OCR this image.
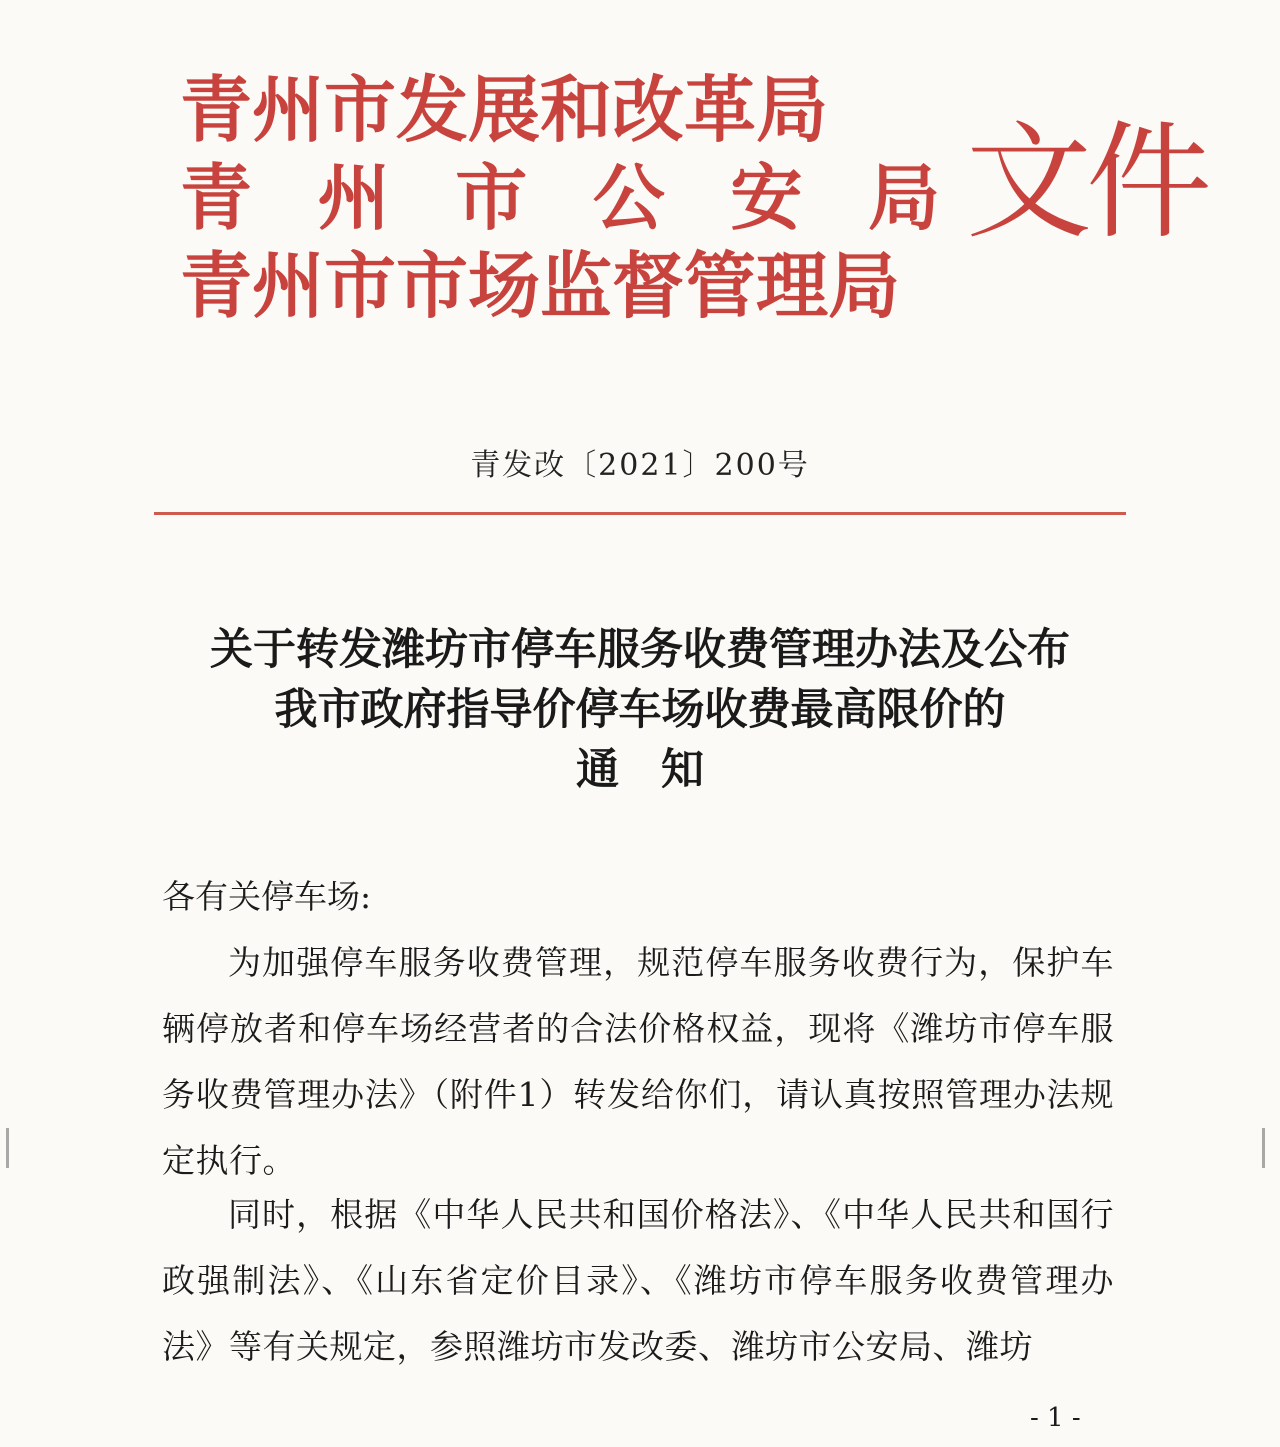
青州市发展和改革局
青 州 市 公 安 局
青州市市场监督管理局
文件
青发改〔2021〕200号
关于转发潍坊市停车服务收费管理办法及公布
我市政府指导价停车场收费最高限价的
通知
各有关停车场:
为加强停车服务收费管理，规范停车服务收费行为，保护车辆停放者和停车场经营者的合法价格权益，现将《潍坊市停车服务收费管理办法》（附件1）转发给你们，请认真按照管理办法规定执行。
同时，根据《中华人民共和国价格法》、《中华人民共和国行政强制法》、《山东省定价目录》、《潍坊市停车服务收费管理办法》等有关规定，参照潍坊市发改委、潍坊市公安局、潍坊
- 1 -
